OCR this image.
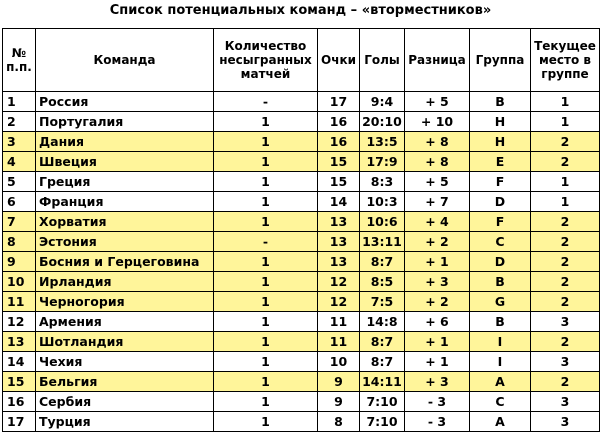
Список потенциальных команд – «вторместников»
№ п.п.	Команда	Количество несыгранных матчей	Очки	Голы	Разница	Группа	Текущее место в группе
1	Россия	-	17	9:4	+ 5	B	1
2	Португалия	1	16	20:10	+ 10	H	1
3	Дания	1	16	13:5	+ 8	H	2
4	Швеция	1	15	17:9	+ 8	E	2
5	Греция	1	15	8:3	+ 5	F	1
6	Франция	1	14	10:3	+ 7	D	1
7	Хорватия	1	13	10:6	+ 4	F	2
8	Эстония	-	13	13:11	+ 2	C	2
9	Босния и Герцеговина	1	13	8:7	+ 1	D	2
10	Ирландия	1	12	8:5	+ 3	B	2
11	Черногория	1	12	7:5	+ 2	G	2
12	Армения	1	11	14:8	+ 6	B	3
13	Шотландия	1	11	8:7	+ 1	I	2
14	Чехия	1	10	8:7	+ 1	I	3
15	Бельгия	1	9	14:11	+ 3	A	2
16	Сербия	1	9	7:10	- 3	C	3
17	Турция	1	8	7:10	- 3	A	3
